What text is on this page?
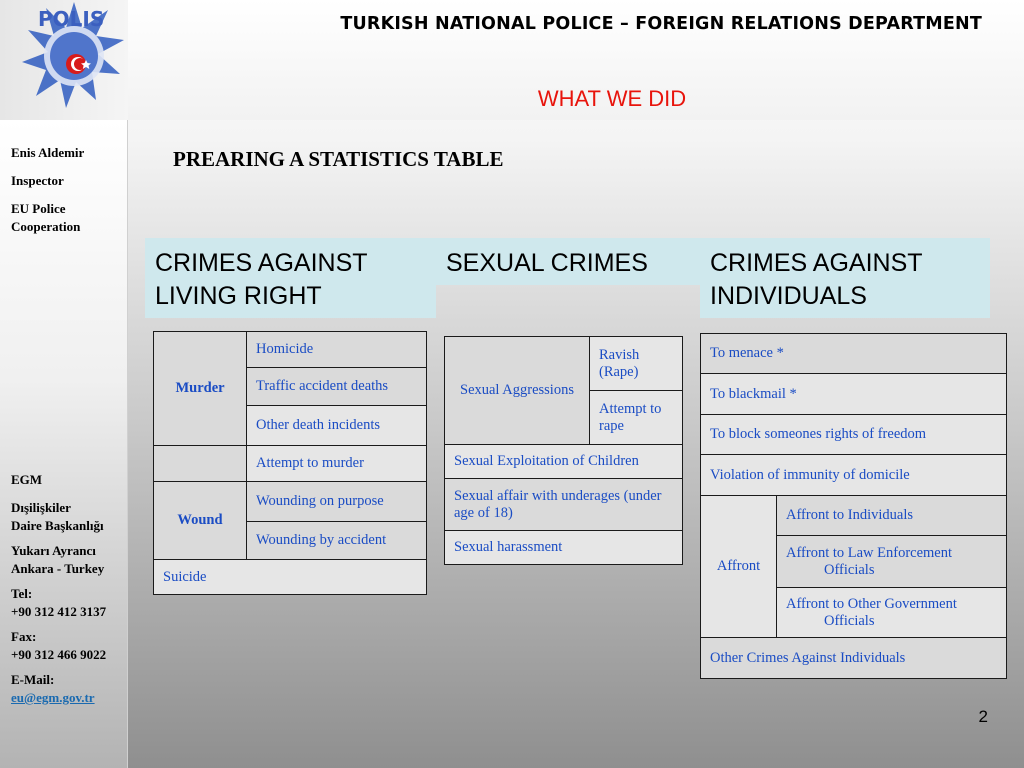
POLIS	TURKISH NATIONAL POLICE – FOREIGN RELATIONS DEPARTMENT
WHAT WE DID

Enis Aldemir

Inspector

EU Police Cooperation

EGM

Dışilişkiler
Daire Başkanlığı

Yukarı Ayrancı
Ankara - Turkey

Tel:
+90 312 412 3137

Fax:
+90 312 466 9022

E-Mail:
eu@egm.gov.tr

PREARING A STATISTICS TABLE
CRIMES AGAINST LIVING RIGHT
SEXUAL CRIMES	CRIMES AGAINST INDIVIDUALS
Murder	Homicide
	Traffic accident deaths
	Other death incidents
	Attempt to murder
Wound	Wounding on purpose
	Wounding by accident
Suicide	
Sexual Aggressions	Ravish (Rape)
Attempt to rape
Sexual Exploitation of Children
Sexual affair with underages (under age of 18)
Sexual harassment
To menace *
To blackmail *
To block someones rights of freedom
Violation of immunity of domicile
Affront	Affront to Individuals
Affront to Law Enforcement
Officials

Affront to Other Government
Officials

Other Crimes Against Individuals
2
